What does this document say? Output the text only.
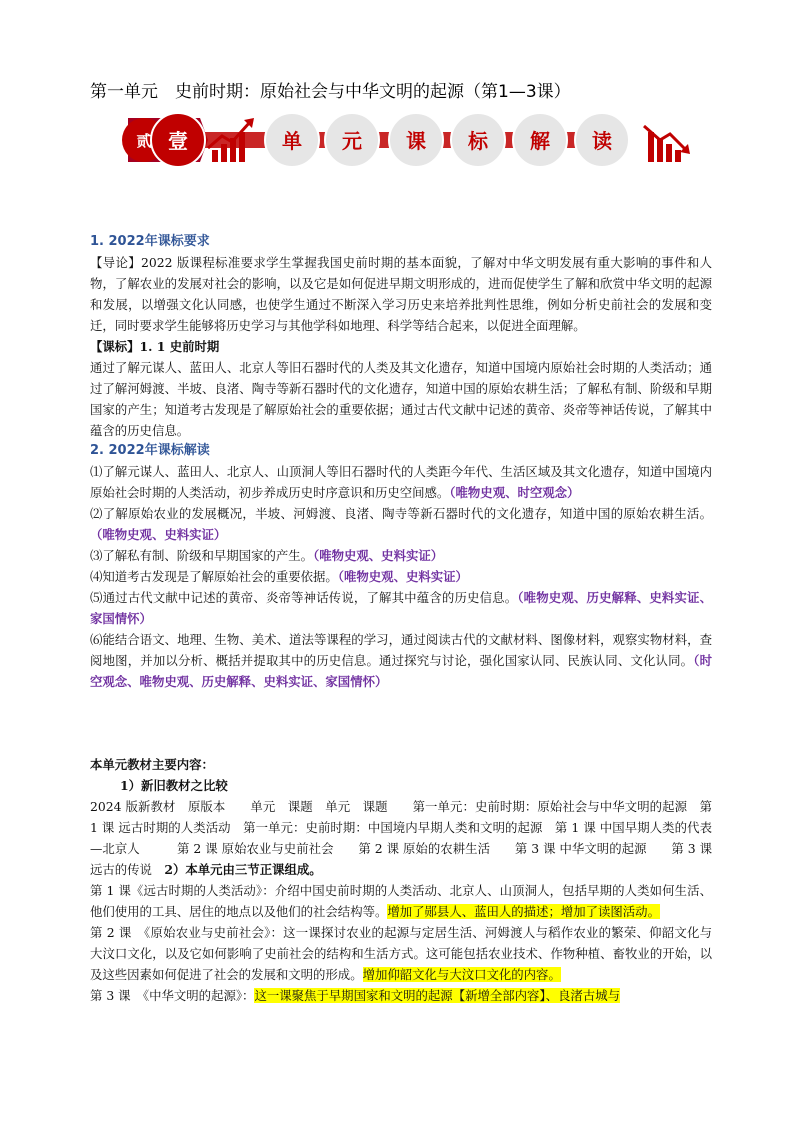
第一单元　史前时期：原始社会与中华文明的起源（第1—3课）
贰 壹	单 元 课 标 解 读
1. 2022年课标要求

【导论】2022 版课程标准要求学生掌握我国史前时期的基本面貌，了解对中华文明发展有重大影响的事件和人物，了解农业的发展对社会的影响，以及它是如何促进早期文明形成的，进而促使学生了解和欣赏中华文明的起源和发展，以增强文化认同感，也使学生通过不断深入学习历史来培养批判性思维，例如分析史前社会的发展和变迁，同时要求学生能够将历史学习与其他学科如地理、科学等结合起来，以促进全面理解。

【课标】1. 1 史前时期

通过了解元谋人、蓝田人、北京人等旧石器时代的人类及其文化遗存，知道中国境内原始社会时期的人类活动；通过了解河姆渡、半坡、良渚、陶寺等新石器时代的文化遗存，知道中国的原始农耕生活；了解私有制、阶级和早期国家的产生；知道考古发现是了解原始社会的重要依据；通过古代文献中记述的黄帝、炎帝等神话传说，了解其中蕴含的历史信息。

2. 2022年课标解读

⑴了解元谋人、蓝田人、北京人、山顶洞人等旧石器时代的人类距今年代、生活区域及其文化遗存，知道中国境内原始社会时期的人类活动，初步养成历史时序意识和历史空间感。（唯物史观、时空观念）

⑵了解原始农业的发展概况，半坡、河姆渡、良渚、陶寺等新石器时代的文化遗存，知道中国的原始农耕生活。（唯物史观、史料实证）

⑶了解私有制、阶级和早期国家的产生。（唯物史观、史料实证）

⑷知道考古发现是了解原始社会的重要依据。（唯物史观、史料实证）

⑸通过古代文献中记述的黄帝、炎帝等神话传说，了解其中蕴含的历史信息。（唯物史观、历史解释、史料实证、家国情怀）

⑹能结合语文、地理、生物、美术、道法等课程的学习，通过阅读古代的文献材料、图像材料，观察实物材料，查阅地图，并加以分析、概括并提取其中的历史信息。通过探究与讨论，强化国家认同、民族认同、文化认同。（时空观念、唯物史观、历史解释、史料实证、家国情怀）

本单元教材主要内容：

1）新旧教材之比较

2024 版新教材　原版本　　单元　课题　单元　课题　　第一单元：史前时期：原始社会与中华文明的起源　第 1 课 远古时期的人类活动　第一单元：史前时期：中国境内早期人类和文明的起源　第 1 课 中国早期人类的代表—北京人　　　第 2 课 原始农业与史前社会　　第 2 课 原始的农耕生活　　第 3 课 中华文明的起源　　第 3 课 远古的传说　2）本单元由三节正课组成。

第 1 课《远古时期的人类活动》：介绍中国史前时期的人类活动、北京人、山顶洞人，包括早期的人类如何生活、他们使用的工具、居住的地点以及他们的社会结构等。增加了郧县人、蓝田人的描述；增加了读图活动。

第 2 课　《原始农业与史前社会》：这一课探讨农业的起源与定居生活、河姆渡人与稻作农业的繁荣、仰韶文化与大汶口文化，以及它如何影响了史前社会的结构和生活方式。这可能包括农业技术、作物种植、畜牧业的开始，以及这些因素如何促进了社会的发展和文明的形成。增加仰韶文化与大汶口文化的内容。

第 3 课　《中华文明的起源》：这一课聚焦于早期国家和文明的起源【新增全部内容】、良渚古城与
